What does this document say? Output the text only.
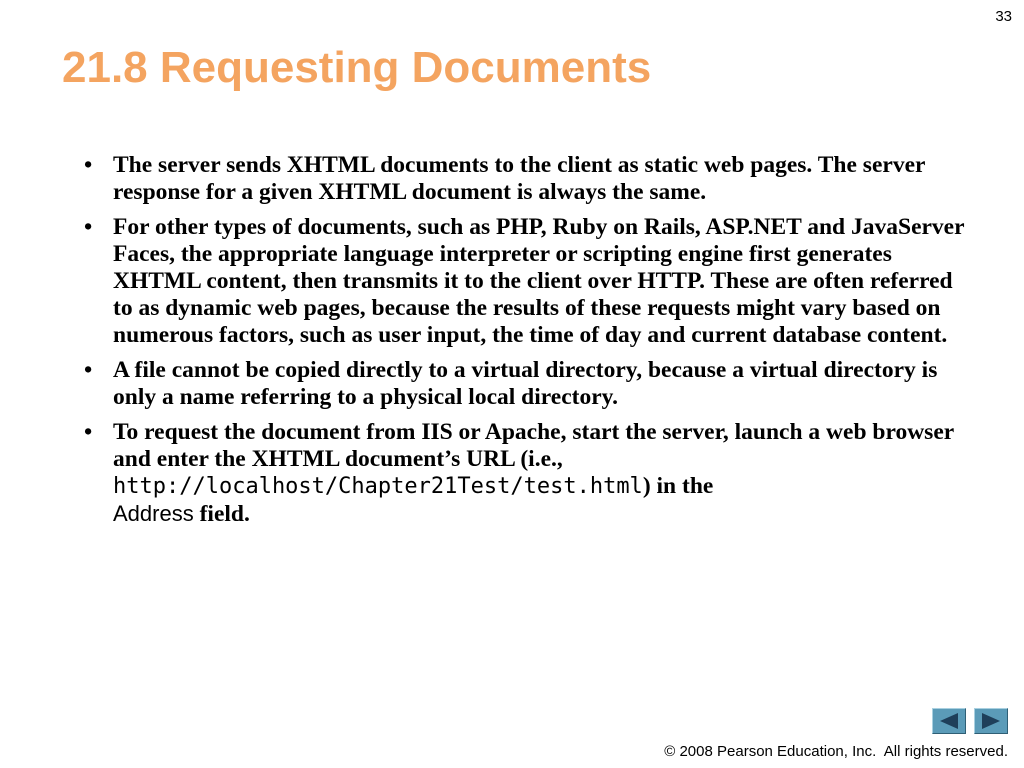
33
21.8 Requesting Documents
• The server sends XHTML documents to the client as static web pages. The server response for a given XHTML document is always the same.
• For other types of documents, such as PHP, Ruby on Rails, ASP.NET and JavaServer Faces, the appropriate language interpreter or scripting engine first generates XHTML content, then transmits it to the client over HTTP. These are often referred to as dynamic web pages, because the results of these requests might vary based on numerous factors, such as user input, the time of day and current database content.
• A file cannot be copied directly to a virtual directory, because a virtual directory is only a name referring to a physical local directory.
• To request the document from IIS or Apache, start the server, launch a web browser and enter the XHTML document’s URL (i.e., http://localhost/Chapter21Test/test.html) in the
Address field.
© 2008 Pearson Education, Inc.  All rights reserved.
